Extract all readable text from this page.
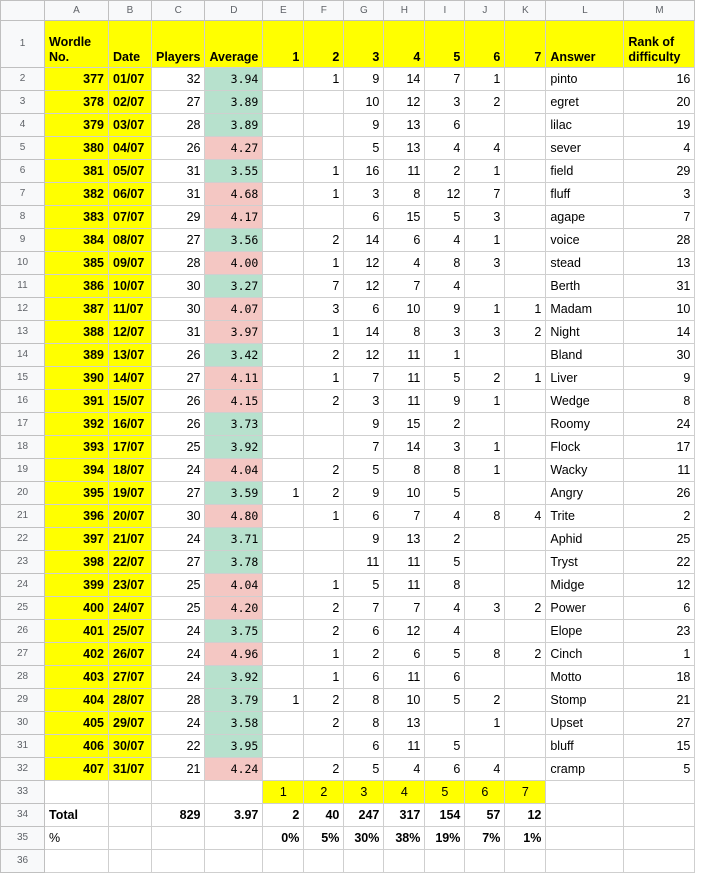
	A	B	C	D	E	F	G	H	I	J	K	L	M
1	Wordle No.	Date	Players	Average	1	2	3	4	5	6	7	Answer	Rank of difficulty
2	377	01/07	32	3.94		1	9	14	7	1		pinto	16
3	378	02/07	27	3.89			10	12	3	2		egret	20
4	379	03/07	28	3.89			9	13	6			lilac	19
5	380	04/07	26	4.27			5	13	4	4		sever	4
6	381	05/07	31	3.55		1	16	11	2	1		field	29
7	382	06/07	31	4.68		1	3	8	12	7		fluff	3
8	383	07/07	29	4.17			6	15	5	3		agape	7
9	384	08/07	27	3.56		2	14	6	4	1		voice	28
10	385	09/07	28	4.00		1	12	4	8	3		stead	13
11	386	10/07	30	3.27		7	12	7	4			Berth	31
12	387	11/07	30	4.07		3	6	10	9	1	1	Madam	10
13	388	12/07	31	3.97		1	14	8	3	3	2	Night	14
14	389	13/07	26	3.42		2	12	11	1			Bland	30
15	390	14/07	27	4.11		1	7	11	5	2	1	Liver	9
16	391	15/07	26	4.15		2	3	11	9	1		Wedge	8
17	392	16/07	26	3.73			9	15	2			Roomy	24
18	393	17/07	25	3.92			7	14	3	1		Flock	17
19	394	18/07	24	4.04		2	5	8	8	1		Wacky	11
20	395	19/07	27	3.59	1	2	9	10	5			Angry	26
21	396	20/07	30	4.80		1	6	7	4	8	4	Trite	2
22	397	21/07	24	3.71			9	13	2			Aphid	25
23	398	22/07	27	3.78			11	11	5			Tryst	22
24	399	23/07	25	4.04		1	5	11	8			Midge	12
25	400	24/07	25	4.20		2	7	7	4	3	2	Power	6
26	401	25/07	24	3.75		2	6	12	4			Elope	23
27	402	26/07	24	4.96		1	2	6	5	8	2	Cinch	1
28	403	27/07	24	3.92		1	6	11	6			Motto	18
29	404	28/07	28	3.79	1	2	8	10	5	2		Stomp	21
30	405	29/07	24	3.58		2	8	13		1		Upset	27
31	406	30/07	22	3.95			6	11	5			bluff	15
32	407	31/07	21	4.24		2	5	4	6	4		cramp	5
33					1	2	3	4	5	6	7		
34	Total		829	3.97	2	40	247	317	154	57	12		
35	%				0%	5%	30%	38%	19%	7%	1%		
36													
